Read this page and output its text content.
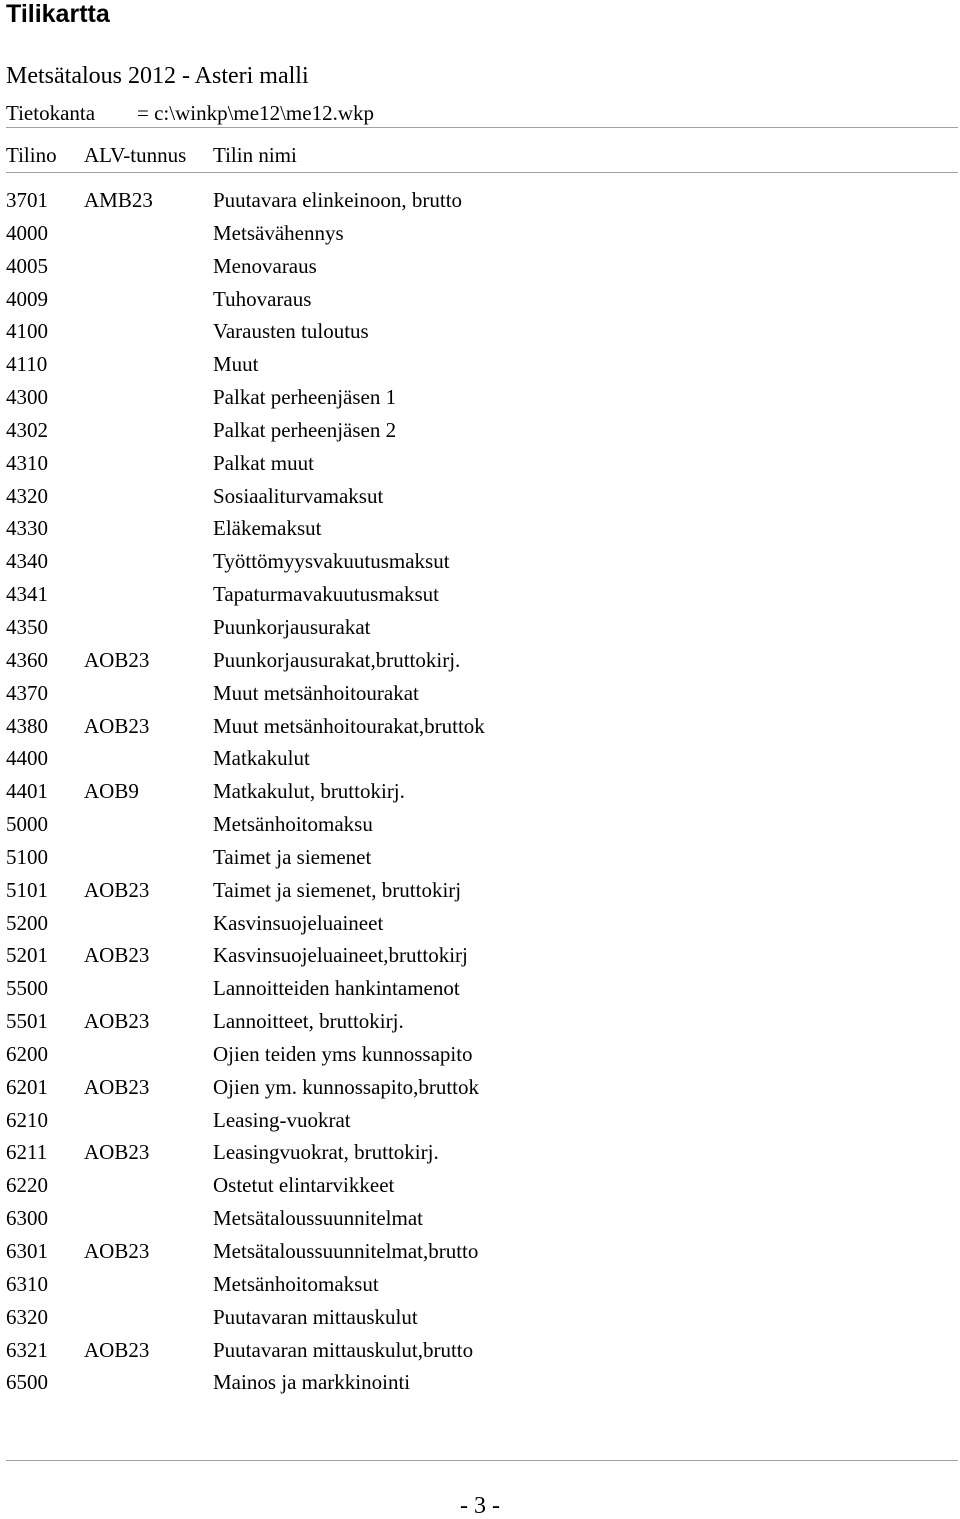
Tilikartta
Metsätalous 2012 - Asteri malli
Tietokanta = c:\winkp\me12\me12.wkp
Tilino ALV-tunnus Tilin nimi
3701 AMB23	Puutavara elinkeinoon, brutto
4000	Metsävähennys
4005	Menovaraus
4009	Tuhovaraus
4100	Varausten tuloutus
4110	Muut
4300	Palkat perheenjäsen 1
4302	Palkat perheenjäsen 2
4310	Palkat muut
4320	Sosiaaliturvamaksut
4330	Eläkemaksut
4340	Työttömyysvakuutusmaksut
4341	Tapaturmavakuutusmaksut
4350	Puunkorjausurakat
4360 AOB23	Puunkorjausurakat,bruttokirj.
4370	Muut metsänhoitourakat
4380 AOB23	Muut metsänhoitourakat,bruttok
4400	Matkakulut
4401 AOB9	Matkakulut, bruttokirj.
5000	Metsänhoitomaksu
5100	Taimet ja siemenet
5101 AOB23	Taimet ja siemenet, bruttokirj
5200	Kasvinsuojeluaineet
5201 AOB23	Kasvinsuojeluaineet,bruttokirj
5500	Lannoitteiden hankintamenot
5501 AOB23	Lannoitteet, bruttokirj.
6200	Ojien teiden yms kunnossapito
6201 AOB23	Ojien ym. kunnossapito,bruttok
6210	Leasing-vuokrat
6211 AOB23	Leasingvuokrat, bruttokirj.
6220	Ostetut elintarvikkeet
6300	Metsätaloussuunnitelmat
6301 AOB23	Metsätaloussuunnitelmat,brutto
6310	Metsänhoitomaksut
6320	Puutavaran mittauskulut
6321 AOB23	Puutavaran mittauskulut,brutto
6500	Mainos ja markkinointi
- 3 -
